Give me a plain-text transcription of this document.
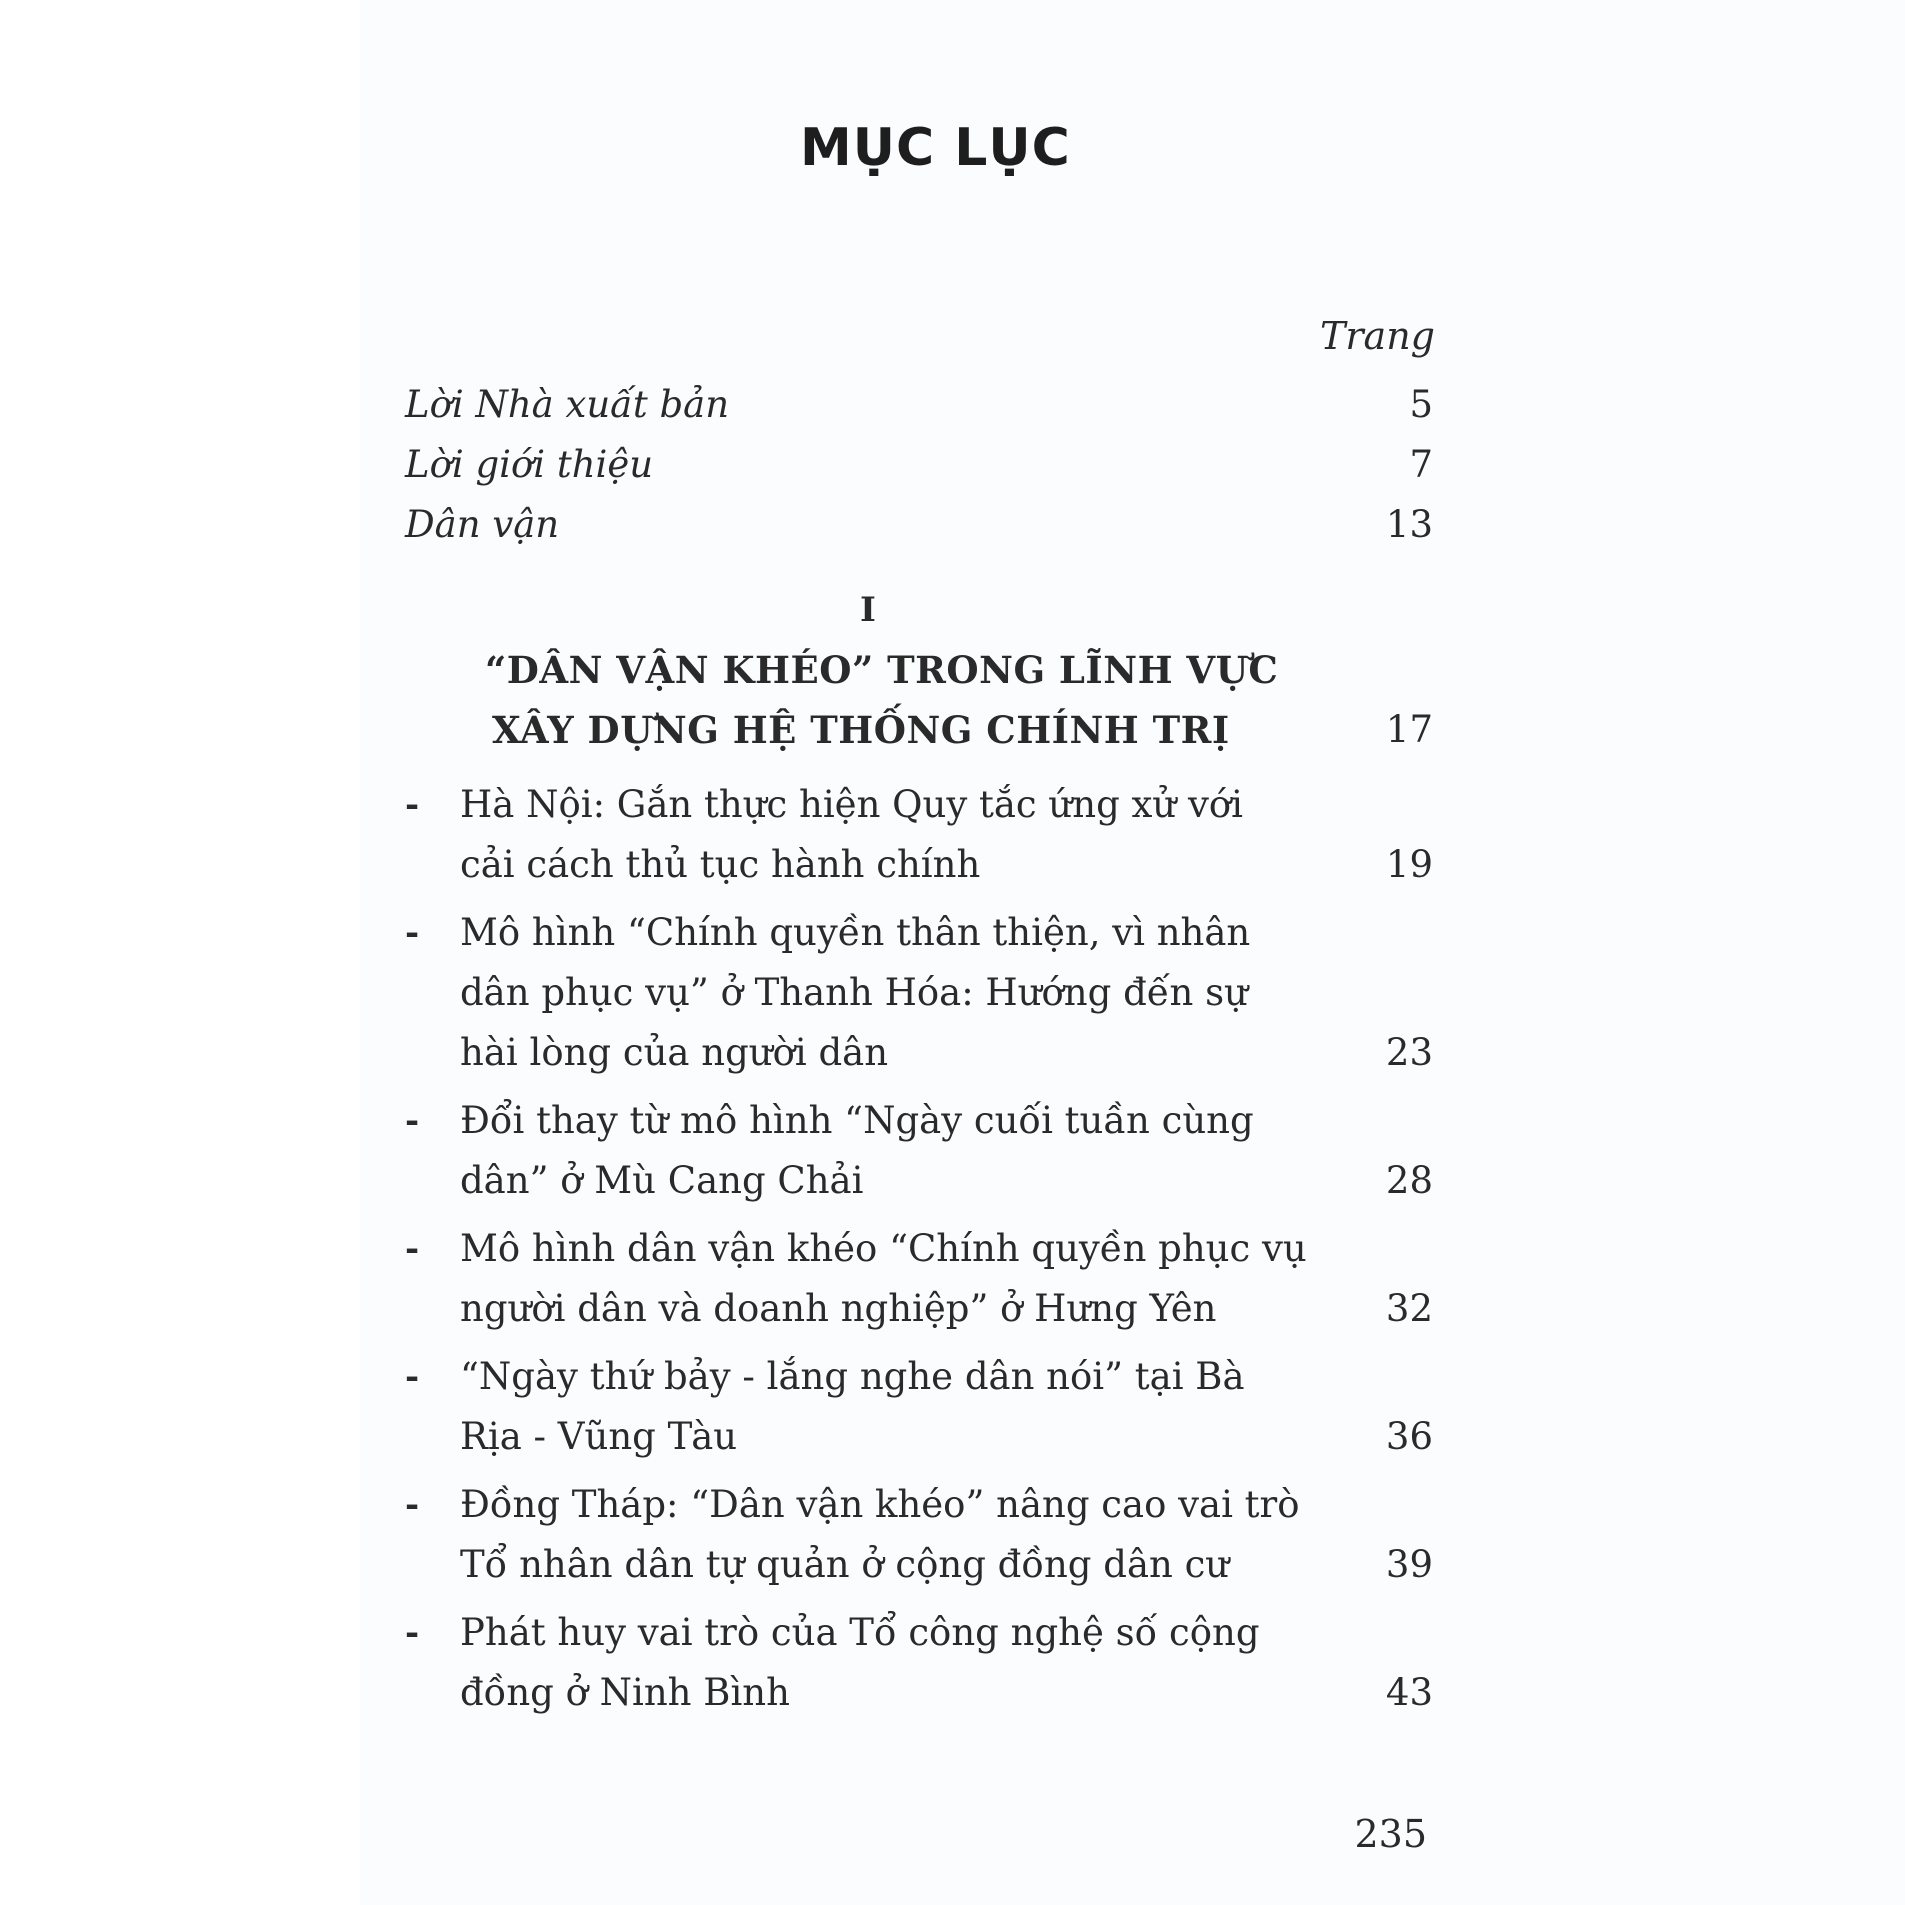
MỤC LỤC
Trang
Lời Nhà xuất bản	5
Lời giới thiệu	7
Dân vận	13
I
“DÂN VẬN KHÉO” TRONG LĨNH VỰC
XÂY DỰNG HỆ THỐNG CHÍNH TRỊ	17
- Hà Nội: Gắn thực hiện Quy tắc ứng xử với
cải cách thủ tục hành chính	19
- Mô hình “Chính quyền thân thiện, vì nhân
dân phục vụ” ở Thanh Hóa: Hướng đến sự
hài lòng của người dân	23
- Đổi thay từ mô hình “Ngày cuối tuần cùng
dân” ở Mù Cang Chải	28
- Mô hình dân vận khéo “Chính quyền phục vụ
người dân và doanh nghiệp” ở Hưng Yên	32
- “Ngày thứ bảy - lắng nghe dân nói” tại Bà
Rịa - Vũng Tàu	36
- Đồng Tháp: “Dân vận khéo” nâng cao vai trò
Tổ nhân dân tự quản ở cộng đồng dân cư	39
- Phát huy vai trò của Tổ công nghệ số cộng
đồng ở Ninh Bình	43
235
